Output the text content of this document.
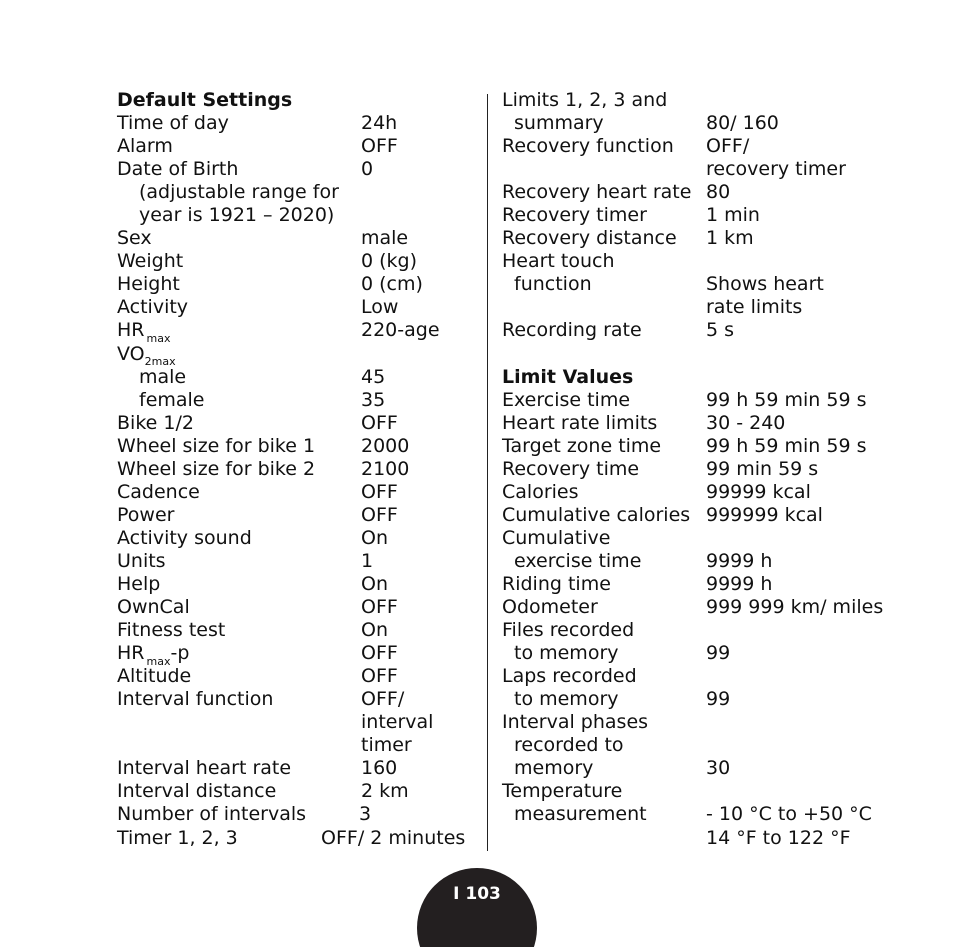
Default Settings
Time of day	24h
Alarm	OFF
Date of Birth	0
(adjustable range for
year is 1921 – 2020)
Sex	male
Weight	0 (kg)
Height	0 (cm)
Activity	Low
HR $_{max}$	220-age
$VO_{2max}$
male	45
female	35
Bike 1/2	OFF
Wheel size for bike 1 2000
Wheel size for bike 2 2100
Cadence	OFF
Power	OFF
Activity sound	On
Units	1
Help	On
OwnCal	OFF
Fitness test	On
HR $_{max}$-p	OFF
Altitude	OFF
Interval function	OFF/
interval
timer
Interval heart rate	160
Interval distance	2 km
Number of intervals	3
Timer 1, 2, 3	OFF/ 2 minutes
Limits 1, 2, 3 and
summary	80/ 160
Recovery function OFF/
recovery timer
Recovery heart rate 80
Recovery timer	1 min
Recovery distance 1 km
Heart touch
function	Shows heart
rate limits
Recording rate	5 s
Limit Values
Exercise time	99 h 59 min 59 s
Heart rate limits	30 - 240
Target zone time 99 h 59 min 59 s
Recovery time	99 min 59 s
Calories	99999 kcal
Cumulative calories 999999 kcal
Cumulative
exercise time	9999 h
Riding time	9999 h
Odometer	999 999 km/ miles
Files recorded
to memory	99
Laps recorded
to memory	99
Interval phases
recorded to
memory	30
Temperature
measurement	- 10 °C to +50 °C
14 °F to 122 °F
I 103
